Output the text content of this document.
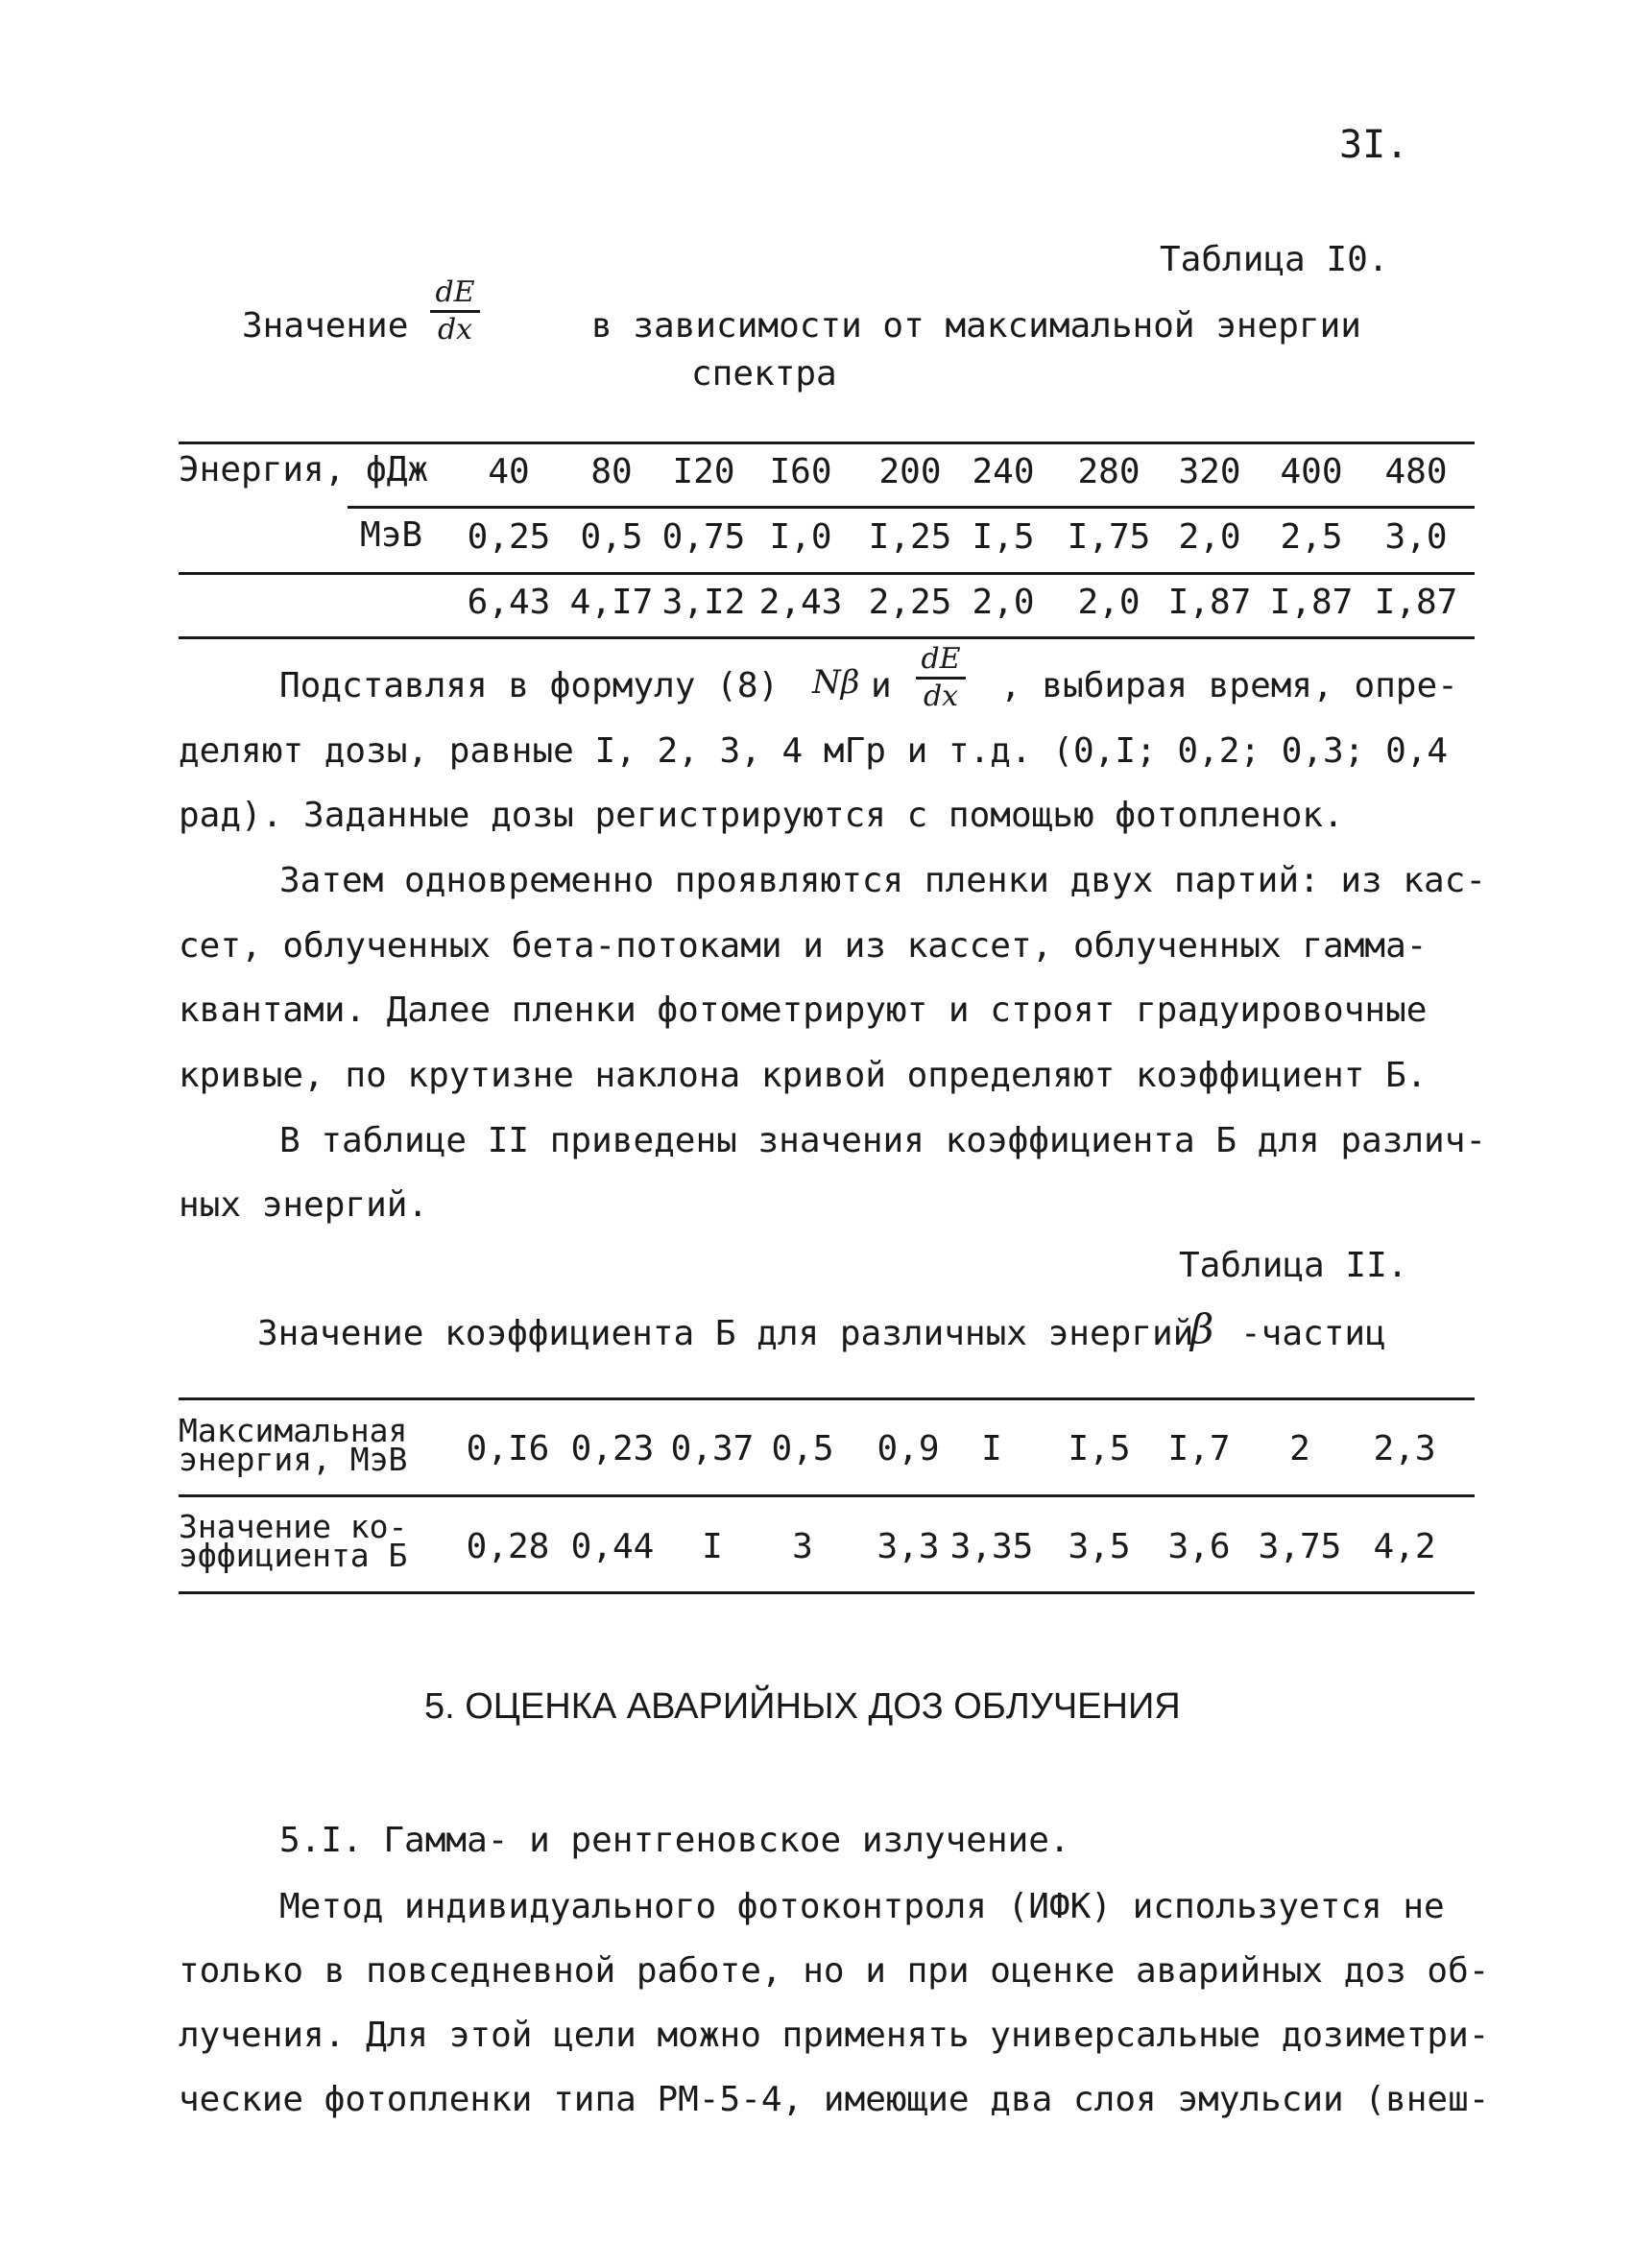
3I.
Таблица I0.
Значение
dE
dx	в зависимости от максимальной энергии
спектра
Энергия, фДж	40	80	I20 I60	200 240	280	320	400	480
МэВ 0,25 0,5 0,75 I,0	I,25 I,5 I,75 2,0	2,5	3,0
6,43 4,I7 3,I2 2,43 2,25 2,0	2,0 I,87 I,87 I,87
Подставляя в формулу (8) Nβ и
dE
dx , выбирая время, опре-
деляют дозы, равные I, 2, 3, 4 мГр и т.д. (0,I; 0,2; 0,3; 0,4
рад). Заданные дозы регистрируются с помощью фотопленок.
Затем одновременно проявляются пленки двух партий: из кас-
сет, облученных бета-потоками и из кассет, облученных гамма-
квантами. Далее пленки фотометрируют и строят градуировочные
кривые, по крутизне наклона кривой определяют коэффициент Б.
В таблице II приведены значения коэффициента Б для различ-
ных энергий.
Таблица II.
Значение коэффициента Б для различных энергий
β -частиц
Максимальная
энергия, МэВ 0,I6 0,23 0,37 0,5	0,9	I	I,5	I,7	2	2,3
Значение ко-
эффициента Б 0,28 0,44	I	3	3,3 3,35	3,5	3,6 3,75 4,2
5. ОЦЕНКА АВАРИЙНЫХ ДОЗ ОБЛУЧЕНИЯ
5.I. Гамма- и рентгеновское излучение.
Метод индивидуального фотоконтроля (ИФК) используется не
только в повседневной работе, но и при оценке аварийных доз об-
лучения. Для этой цели можно применять универсальные дозиметри-
ческие фотопленки типа РМ-5-4, имеющие два слоя эмульсии (внеш-
